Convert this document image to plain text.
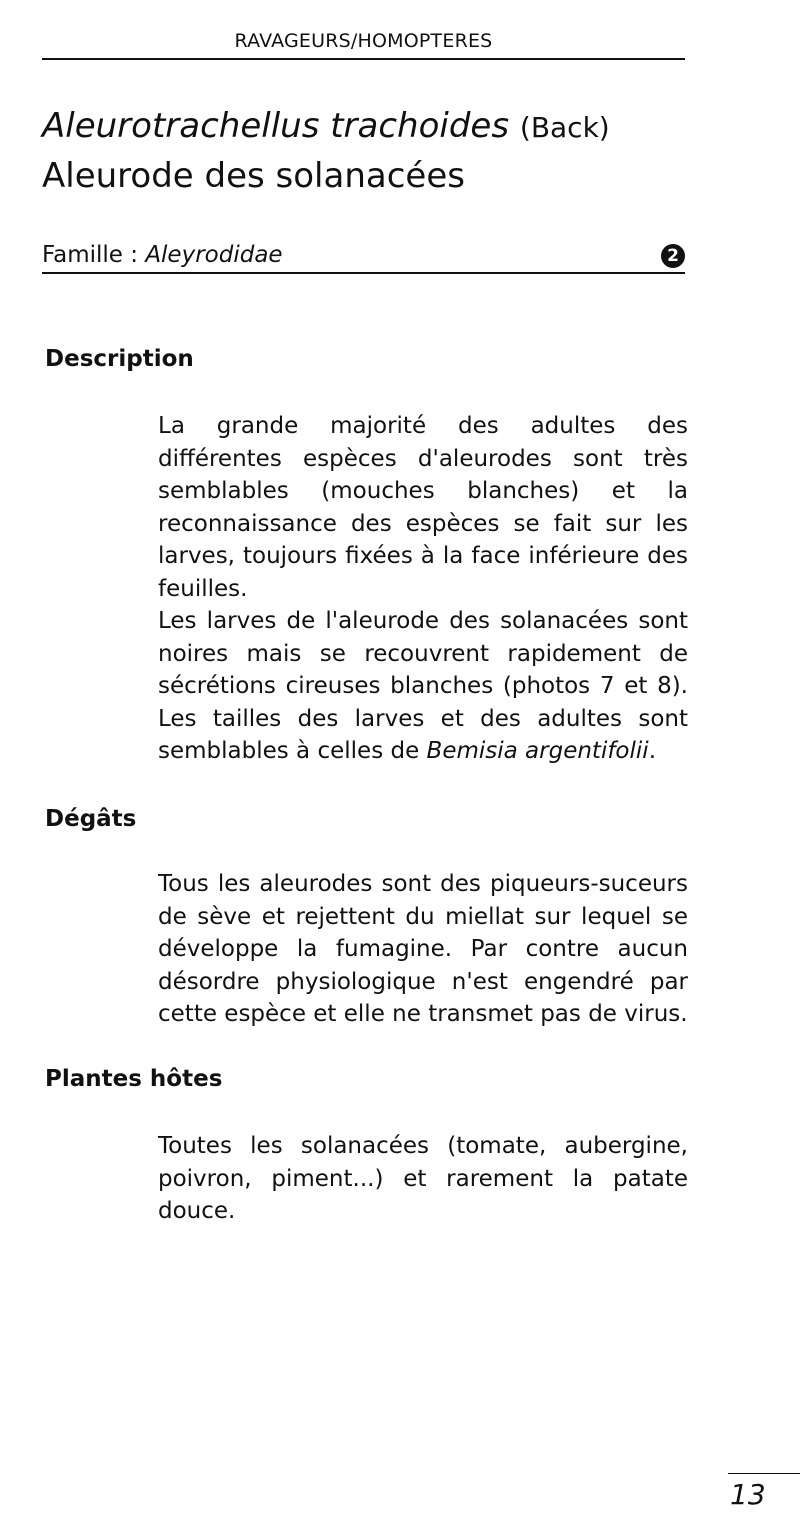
RAVAGEURS/HOMOPTERES
Aleurotrachellus trachoides (Back)
Aleurode des solanacées
Famille : Aleyrodidae	2
Description
La grande majorité des adultes des différentes espèces d'aleurodes sont très semblables (mouches blanches) et la reconnaissance des espèces se fait sur les larves, toujours fixées à la face inférieure des feuilles.
Les larves de l'aleurode des solanacées sont noires mais se recouvrent rapidement de sécrétions cireuses blanches (photos 7 et 8). Les tailles des larves et des adultes sont semblables à celles de Bemisia argentifolii.
Dégâts
Tous les aleurodes sont des piqueurs-suceurs de sève et rejettent du miellat sur lequel se développe la fumagine. Par contre aucun désordre physiologique n'est engendré par cette espèce et elle ne transmet pas de virus.
Plantes hôtes
Toutes les solanacées (tomate, aubergine, poivron, piment...) et rarement la patate douce.
13
